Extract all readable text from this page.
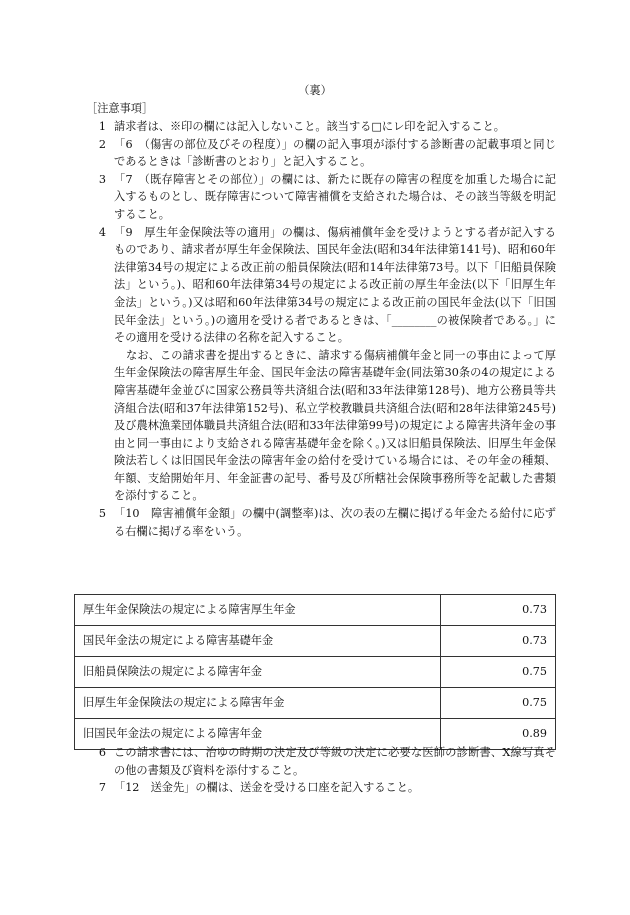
（裏）
［注意事項］
1 請求者は、※印の欄には記入しないこと。該当する□にレ印を記入すること。
2 「6　（傷害の部位及びその程度）」の欄の記入事項が添付する診断書の記載事項と同じであるときは「診断書のとおり」と記入すること。
3 「7　（既存障害とその部位）」の欄には、新たに既存の障害の程度を加重した場合に記入するものとし、既存障害について障害補償を支給された場合は、その該当等級を明記すること。
4 「9　厚生年金保険法等の適用」の欄は、傷病補償年金を受けようとする者が記入するものであり、請求者が厚生年金保険法、国民年金法(昭和34年法律第141号)、昭和60年法律第34号の規定による改正前の船員保険法(昭和14年法律第73号。以下「旧船員保険法」という。)、昭和60年法律第34号の規定による改正前の厚生年金法(以下「旧厚生年金法」という。)又は昭和60年法律第34号の規定による改正前の国民年金法(以下「旧国民年金法」という。)の適用を受ける者であるときは、「________の被保険者である。」にその適用を受ける法律の名称を記入すること。
なお、この請求書を提出するときに、請求する傷病補償年金と同一の事由によって厚生年金保険法の障害厚生年金、国民年金法の障害基礎年金(同法第30条の4の規定による障害基礎年金並びに国家公務員等共済組合法(昭和33年法律第128号)、地方公務員等共済組合法(昭和37年法律第152号)、私立学校教職員共済組合法(昭和28年法律第245号)及び農林漁業団体職員共済組合法(昭和33年法律第99号)の規定による障害共済年金の事由と同一事由により支給される障害基礎年金を除く。)又は旧船員保険法、旧厚生年金保険法若しくは旧国民年金法の障害年金の給付を受けている場合には、その年金の種類、年額、支給開始年月、年金証書の記号、番号及び所轄社会保険事務所等を記載した書類を添付すること。
5 「10　障害補償年金額」の欄中(調整率)は、次の表の左欄に掲げる年金たる給付に応ずる右欄に掲げる率をいう。
厚生年金保険法の規定による障害厚生年金	0.73
国民年金法の規定による障害基礎年金	0.73
旧船員保険法の規定による障害年金	0.75
旧厚生年金保険法の規定による障害年金	0.75
旧国民年金法の規定による障害年金	0.89
6 この請求書には、治ゆの時期の決定及び等級の決定に必要な医師の診断書、X線写真その他の書類及び資料を添付すること。
7 「12　送金先」の欄は、送金を受ける口座を記入すること。
